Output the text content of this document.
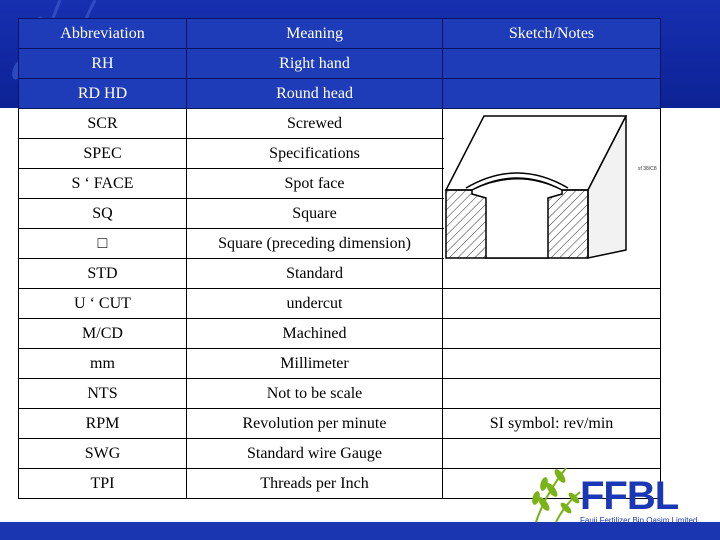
Abbreviation	Meaning	Sketch/Notes
RH	Right hand	
RD HD	Round head	
SCR	Screwed	
SPEC	Specifications	
S ‘ FACE	Spot face	
SQ	Square	
□	Square (preceding dimension)	
STD	Standard	
U ‘ CUT	undercut	
M/CD	Machined	
mm	Millimeter	
NTS	Not to be scale	
RPM	Revolution per minute	SI symbol: rev/min
SWG	Standard wire Gauge	
TPI	Threads per Inch	
sf 38/C8
FFBL
Fauji Fertilizer Bin Qasim Limited
